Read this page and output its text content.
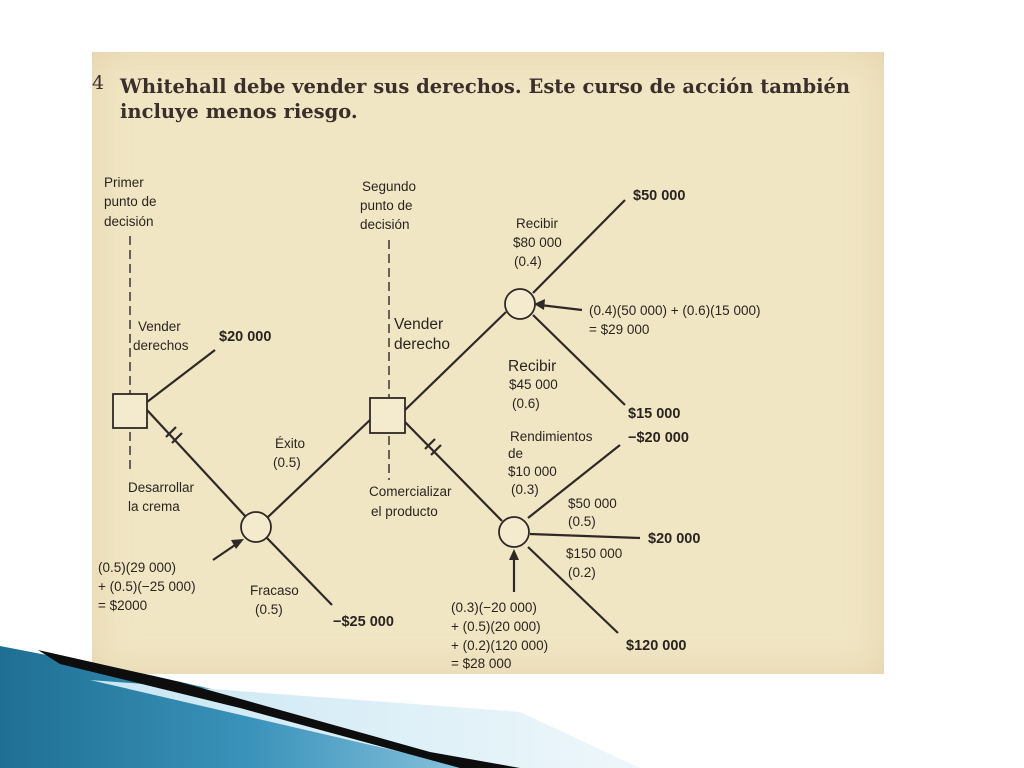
4 Whitehall debe vender sus derechos. Este curso de acción también incluye menos riesgo.
Primer
punto de
decisión
Segundo
punto de
decisión
Vender
derechos
$20 000
Vender
derecho
Desarrollar
la crema
Comercializar
el producto
Éxito
(0.5)
Fracaso
(0.5)
−$25 000
(0.5)(29 000)
+ (0.5)(−25 000)
= $2000
Recibir
$80 000
(0.4)
$50 000
(0.4)(50 000) + (0.6)(15 000)
= $29 000
Recibir
$45 000
(0.6)
$15 000
Rendimientos
de
$10 000
(0.3)
−$20 000
$50 000
(0.5)
$20 000
$150 000
(0.2)
$120 000
(0.3)(−20 000)
+ (0.5)(20 000)
+ (0.2)(120 000)
= $28 000
